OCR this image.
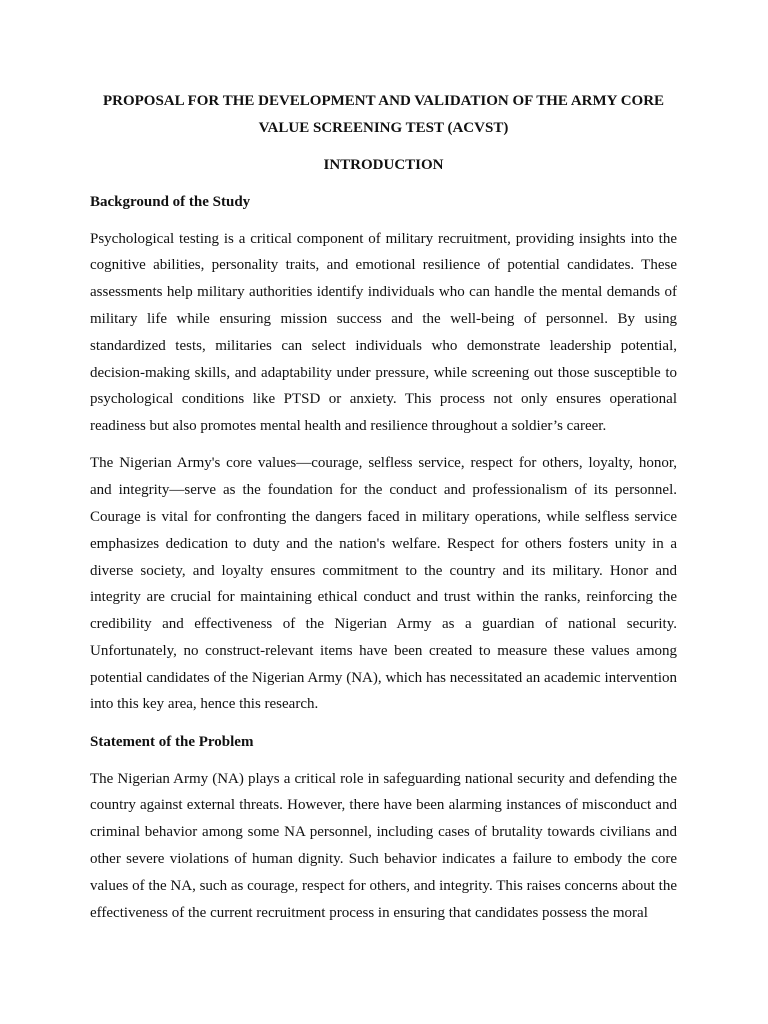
PROPOSAL FOR THE DEVELOPMENT AND VALIDATION OF THE ARMY CORE VALUE SCREENING TEST (ACVST)

INTRODUCTION

Background of the Study

Psychological testing is a critical component of military recruitment, providing insights into the cognitive abilities, personality traits, and emotional resilience of potential candidates. These assessments help military authorities identify individuals who can handle the mental demands of military life while ensuring mission success and the well-being of personnel. By using standardized tests, militaries can select individuals who demonstrate leadership potential, decision-making skills, and adaptability under pressure, while screening out those susceptible to psychological conditions like PTSD or anxiety. This process not only ensures operational readiness but also promotes mental health and resilience throughout a soldier’s career.

The Nigerian Army's core values—courage, selfless service, respect for others, loyalty, honor, and integrity—serve as the foundation for the conduct and professionalism of its personnel. Courage is vital for confronting the dangers faced in military operations, while selfless service emphasizes dedication to duty and the nation's welfare. Respect for others fosters unity in a diverse society, and loyalty ensures commitment to the country and its military. Honor and integrity are crucial for maintaining ethical conduct and trust within the ranks, reinforcing the credibility and effectiveness of the Nigerian Army as a guardian of national security. Unfortunately, no construct-relevant items have been created to measure these values among potential candidates of the Nigerian Army (NA), which has necessitated an academic intervention into this key area, hence this research.

Statement of the Problem

The Nigerian Army (NA) plays a critical role in safeguarding national security and defending the country against external threats. However, there have been alarming instances of misconduct and criminal behavior among some NA personnel, including cases of brutality towards civilians and other severe violations of human dignity. Such behavior indicates a failure to embody the core values of the NA, such as courage, respect for others, and integrity. This raises concerns about the effectiveness of the current recruitment process in ensuring that candidates possess the moral
